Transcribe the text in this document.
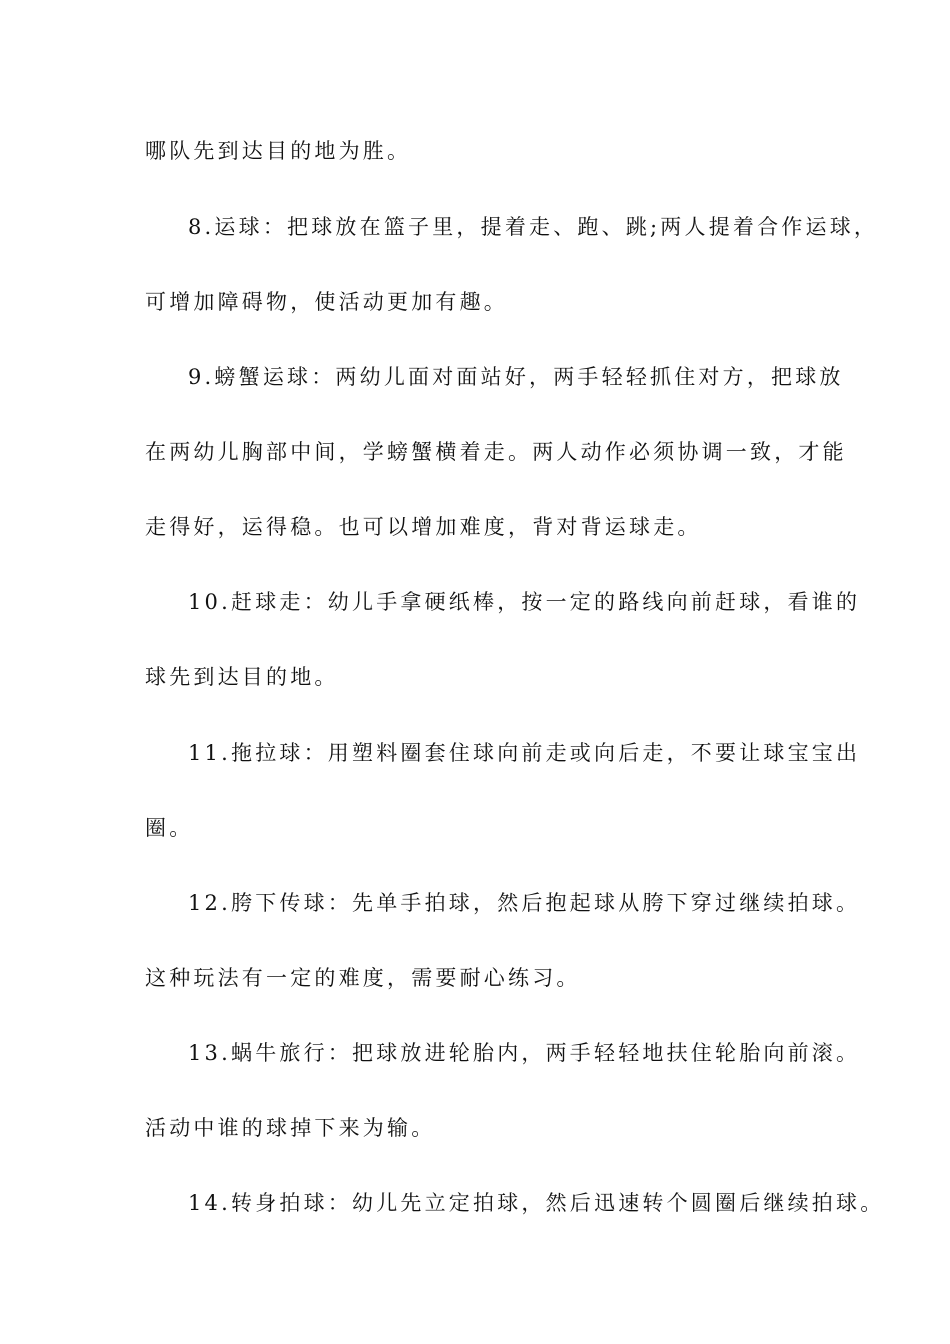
哪队先到达目的地为胜。
8.运球：把球放在篮子里，提着走、跑、跳;两人提着合作运球，
可增加障碍物，使活动更加有趣。
9.螃蟹运球：两幼儿面对面站好，两手轻轻抓住对方，把球放
在两幼儿胸部中间，学螃蟹横着走。两人动作必须协调一致，才能
走得好，运得稳。也可以增加难度，背对背运球走。
10.赶球走：幼儿手拿硬纸棒，按一定的路线向前赶球，看谁的
球先到达目的地。
11.拖拉球：用塑料圈套住球向前走或向后走，不要让球宝宝出
圈。
12.胯下传球：先单手拍球，然后抱起球从胯下穿过继续拍球。
这种玩法有一定的难度，需要耐心练习。
13.蜗牛旅行：把球放进轮胎内，两手轻轻地扶住轮胎向前滚。
活动中谁的球掉下来为输。
14.转身拍球：幼儿先立定拍球，然后迅速转个圆圈后继续拍球。
